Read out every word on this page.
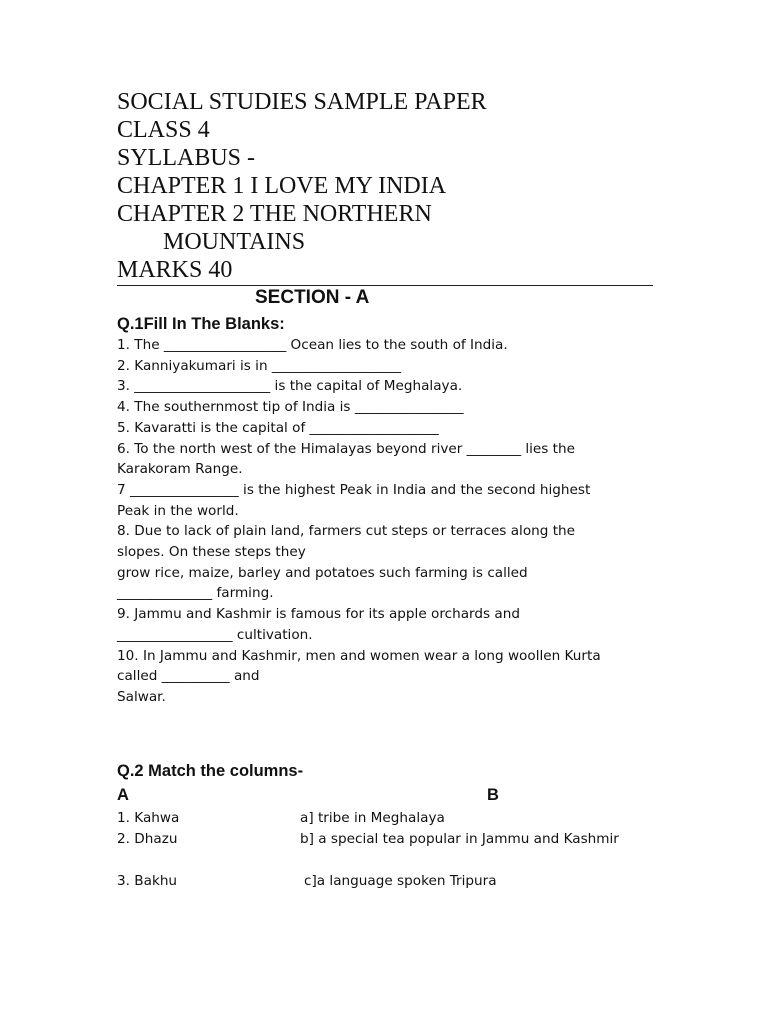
SOCIAL STUDIES SAMPLE PAPER
CLASS 4
SYLLABUS -
CHAPTER 1 I LOVE MY INDIA
CHAPTER 2 THE NORTHERN
MOUNTAINS
MARKS 40
SECTION - A
Q.1Fill In The Blanks:
1. The __________________ Ocean lies to the south of India.
2. Kanniyakumari is in ___________________
3. ____________________ is the capital of Meghalaya.
4. The southernmost tip of India is ________________
5. Kavaratti is the capital of ___________________
6. To the north west of the Himalayas beyond river ________ lies the
Karakoram Range.
7 ________________ is the highest Peak in India and the second highest
Peak in the world.
8. Due to lack of plain land, farmers cut steps or terraces along the
slopes. On these steps they
grow rice, maize, barley and potatoes such farming is called
______________ farming.
9. Jammu and Kashmir is famous for its apple orchards and
_________________ cultivation.
10. In Jammu and Kashmir, men and women wear a long woollen Kurta
called __________ and
Salwar.
Q.2 Match the columns-
A	B
1. Kahwa	a] tribe in Meghalaya
2. Dhazu	b] a special tea popular in Jammu and Kashmir
3. Bakhu	c]a language spoken Tripura
